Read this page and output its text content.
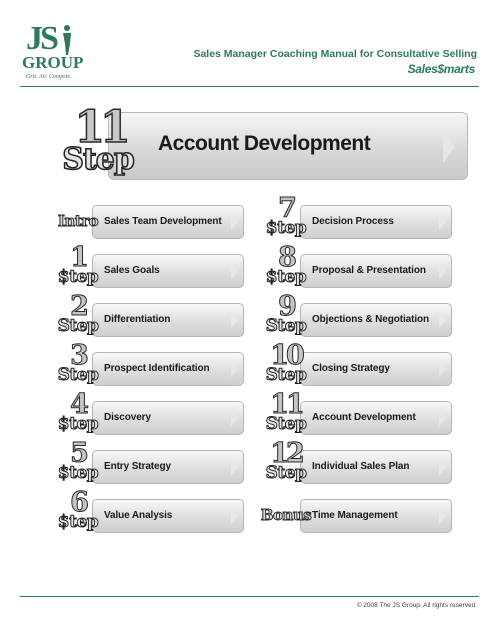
JS
GROUP
Grit. Air. Compete.
Sales Manager Coaching Manual for Consultative Selling
Sales$marts
11
Step Account Development
Intro Sales Team Development
1
$tep Sales Goals
2
Step Differentiation
3
Step Prospect Identification
4
$tep Discovery
5
$tep Entry Strategy
6
$tep Value Analysis
7
$tep Decision Process
8
$tep Proposal & Presentation
9
Step Objections & Negotiation
10
Step Closing Strategy
11
Step Account Development
12
Step Individual Sales Plan
Bonus Time Management
© 2008 The JS Group. All rights reserved.
